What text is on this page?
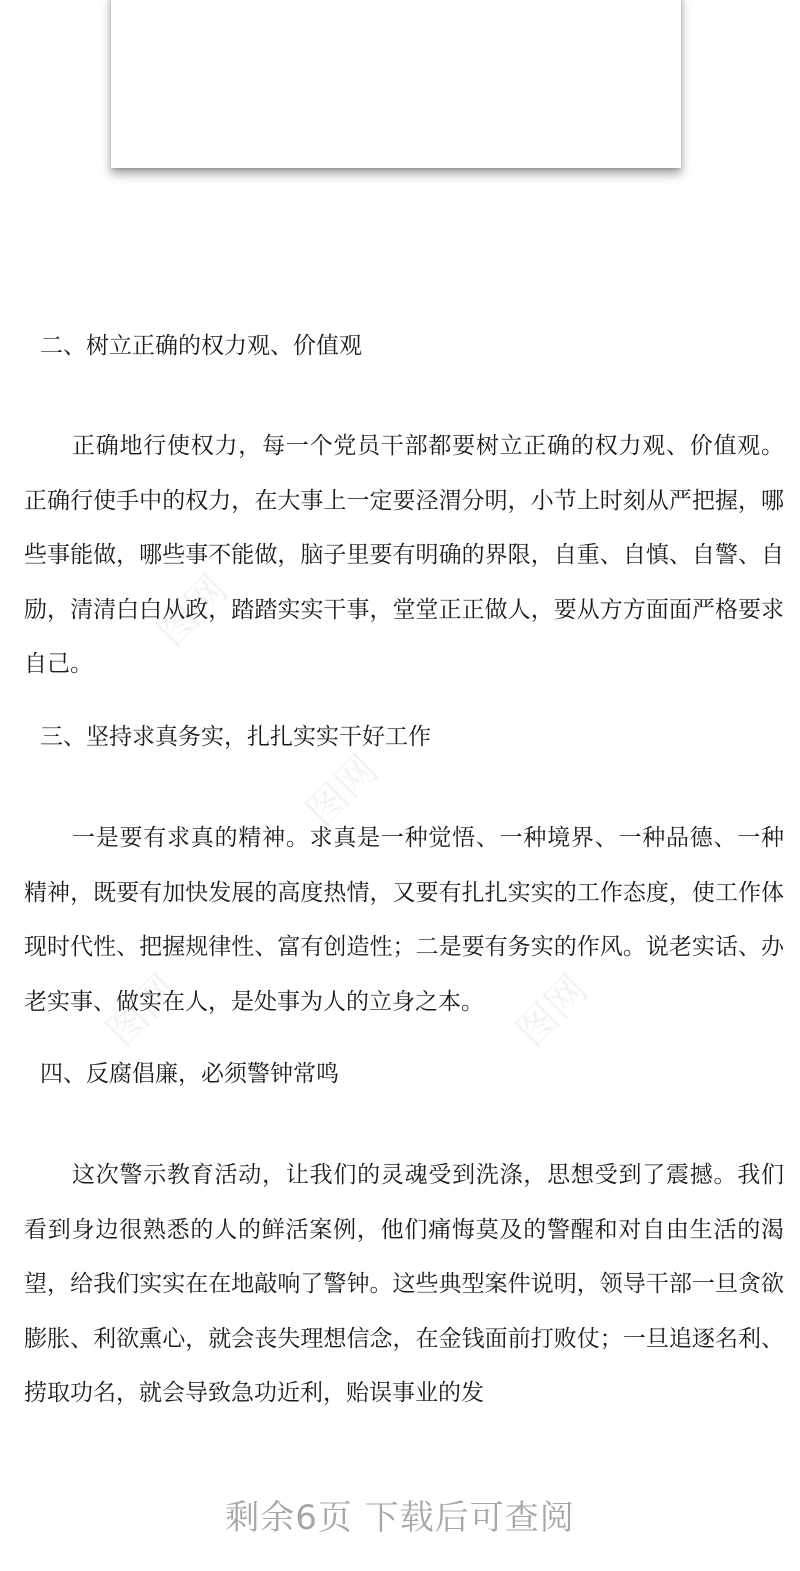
图网
图网
图网	图网
二、树立正确的权力观、价值观

正确地行使权力，每一个党员干部都要树立正确的权力观、价值观。正确行使手中的权力，在大事上一定要泾渭分明，小节上时刻从严把握，哪些事能做，哪些事不能做，脑子里要有明确的界限，自重、自慎、自警、自励，清清白白从政，踏踏实实干事，堂堂正正做人，要从方方面面严格要求自己。

三、坚持求真务实，扎扎实实干好工作

一是要有求真的精神。求真是一种觉悟、一种境界、一种品德、一种精神，既要有加快发展的高度热情，又要有扎扎实实的工作态度，使工作体现时代性、把握规律性、富有创造性；二是要有务实的作风。说老实话、办老实事、做实在人，是处事为人的立身之本。

四、反腐倡廉，必须警钟常鸣

这次警示教育活动，让我们的灵魂受到洗涤，思想受到了震撼。我们看到身边很熟悉的人的鲜活案例，他们痛悔莫及的警醒和对自由生活的渴望，给我们实实在在地敲响了警钟。这些典型案件说明，领导干部一旦贪欲膨胀、利欲熏心，就会丧失理想信念，在金钱面前打败仗；一旦追逐名利、捞取功名，就会导致急功近利，贻误事业的发

剩余6页 下载后可查阅
